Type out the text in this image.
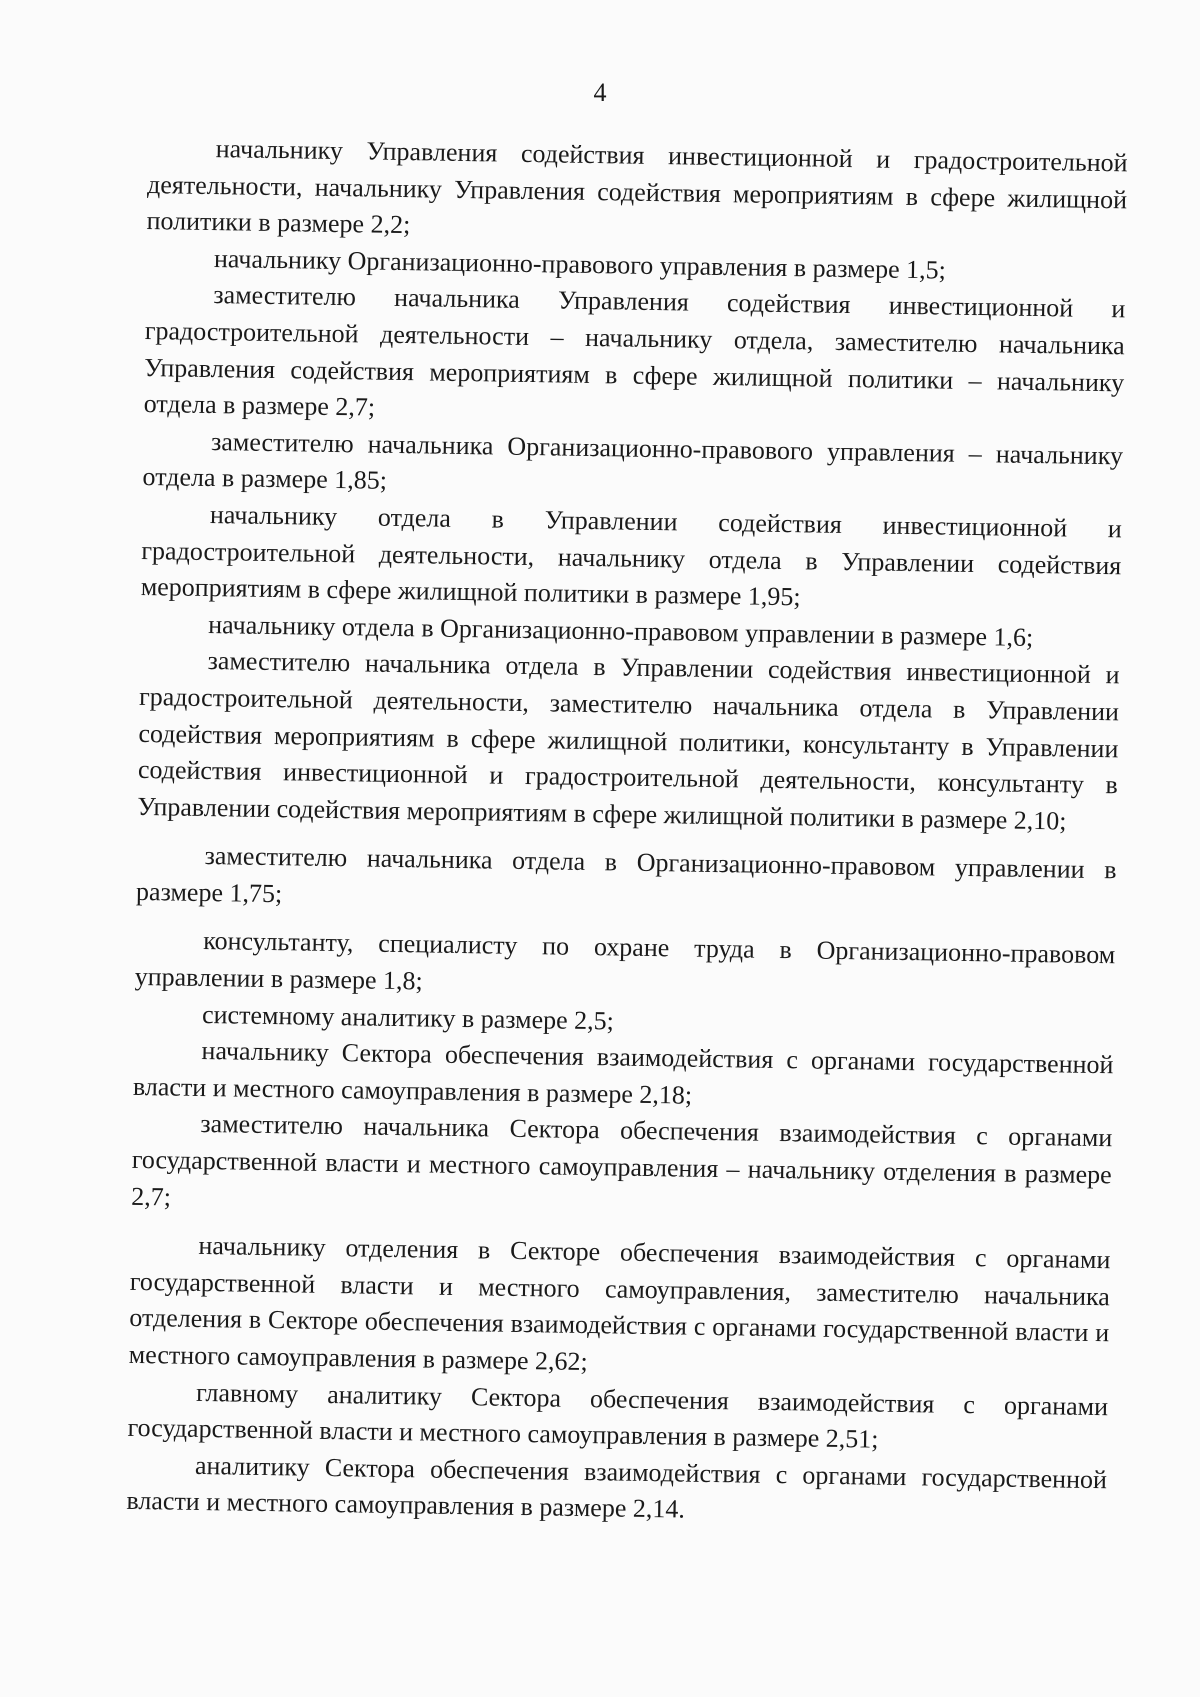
4

начальнику Управления содействия инвестиционной и градостроительной деятельности, начальнику Управления содействия мероприятиям в сфере жилищной политики в размере 2,2;

начальнику Организационно-правового управления в размере 1,5;

заместителю начальника Управления содействия инвестиционной и градостроительной деятельности – начальнику отдела, заместителю начальника Управления содействия мероприятиям в сфере жилищной политики – начальнику отдела в размере 2,7;

заместителю начальника Организационно-правового управления – начальнику отдела в размере 1,85;

начальнику отдела в Управлении содействия инвестиционной и градостроительной деятельности, начальнику отдела в Управлении содействия мероприятиям в сфере жилищной политики в размере 1,95;

начальнику отдела в Организационно-правовом управлении в размере 1,6;

заместителю начальника отдела в Управлении содействия инвестиционной и градостроительной деятельности, заместителю начальника отдела в Управлении содействия мероприятиям в сфере жилищной политики, консультанту в Управлении содействия инвестиционной и градостроительной деятельности, консультанту в Управлении содействия мероприятиям в сфере жилищной политики в размере 2,10;

заместителю начальника отдела в Организационно-правовом управлении в размере 1,75;

консультанту, специалисту по охране труда в Организационно-правовом управлении в размере 1,8;

системному аналитику в размере 2,5;

начальнику Сектора обеспечения взаимодействия с органами государственной власти и местного самоуправления в размере 2,18;

заместителю начальника Сектора обеспечения взаимодействия с органами государственной власти и местного самоуправления – начальнику отделения в размере 2,7;

начальнику отделения в Секторе обеспечения взаимодействия с органами государственной власти и местного самоуправления, заместителю начальника отделения в Секторе обеспечения взаимодействия с органами государственной власти и местного самоуправления в размере 2,62;

главному аналитику Сектора обеспечения взаимодействия с органами государственной власти и местного самоуправления в размере 2,51;

аналитику Сектора обеспечения взаимодействия с органами государственной власти и местного самоуправления в размере 2,14.
